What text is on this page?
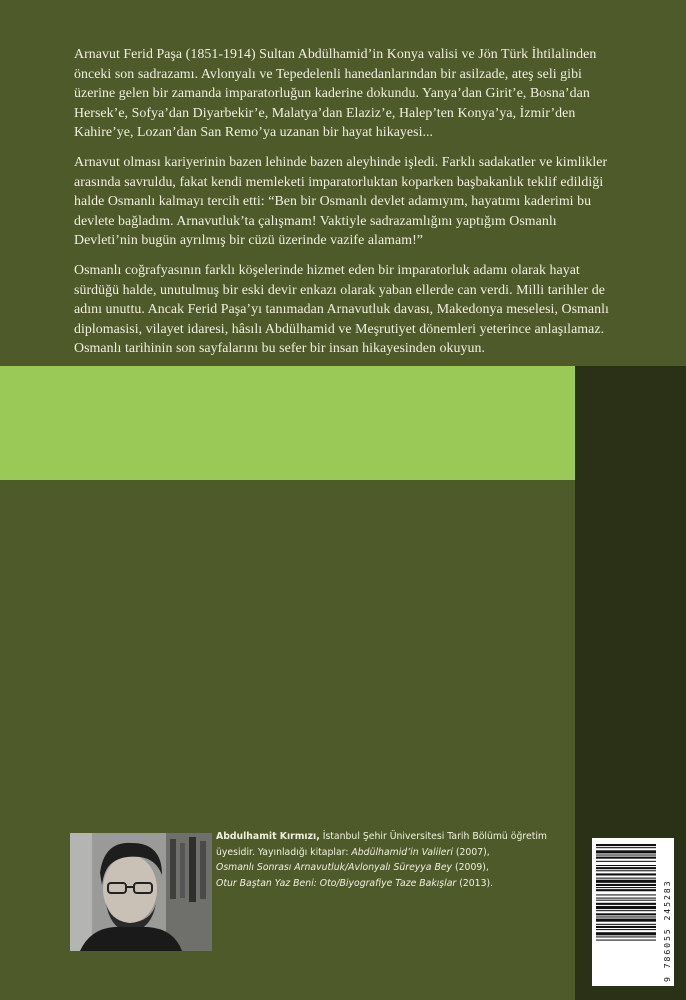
Arnavut Ferid Paşa (1851-1914) Sultan Abdülhamid’in Konya valisi ve Jön Türk İhtilalinden önceki son sadrazamı. Avlonyalı ve Tepedelenli hanedanlarından bir asilzade, ateş seli gibi üzerine gelen bir zamanda imparatorluğun kaderine dokundu. Yanya’dan Girit’e, Bosna’dan Hersek’e, Sofya’dan Diyarbekir’e, Malatya’dan Elaziz’e, Halep’ten Konya’ya, İzmir’den Kahire’ye, Lozan’dan San Remo’ya uzanan bir hayat hikayesi...

Arnavut olması kariyerinin bazen lehinde bazen aleyhinde işledi. Farklı sadakatler ve kimlikler arasında savruldu, fakat kendi memleketi imparatorluktan koparken başbakanlık teklif edildiği halde Osmanlı kalmayı tercih etti: “Ben bir Osmanlı devlet adamıyım, hayatımı kaderimi bu devlete bağladım. Arnavutluk’ta çalışmam! Vaktiyle sadrazamlığını yaptığım Osmanlı Devleti’nin bugün ayrılmış bir cüzü üzerinde vazife alamam!”

Osmanlı coğrafyasının farklı köşelerinde hizmet eden bir imparatorluk adamı olarak hayat sürdüğü halde, unutulmuş bir eski devir enkazı olarak yaban ellerde can verdi. Milli tarihler de adını unuttu. Ancak Ferid Paşa’yı tanımadan Arnavutluk davası, Makedonya meselesi, Osmanlı diplomasisi, vilayet idaresi, hâsılı Abdülhamid ve Meşrutiyet dönemleri yeterince anlaşılamaz. Osmanlı tarihinin son sayfalarını bu sefer bir insan hikayesinden okuyun.

Abdulhamit Kırmızı, İstanbul Şehir Üniversitesi Tarih Bölümü öğretim üyesidir. Yayınladığı kitaplar: Abdülhamid’in Valileri (2007),
Osmanlı Sonrası Arnavutluk/Avlonyalı Süreyya Bey (2009),
Otur Baştan Yaz Beni: Oto/Biyografiye Taze Bakışlar (2013).	9 786055 245283
